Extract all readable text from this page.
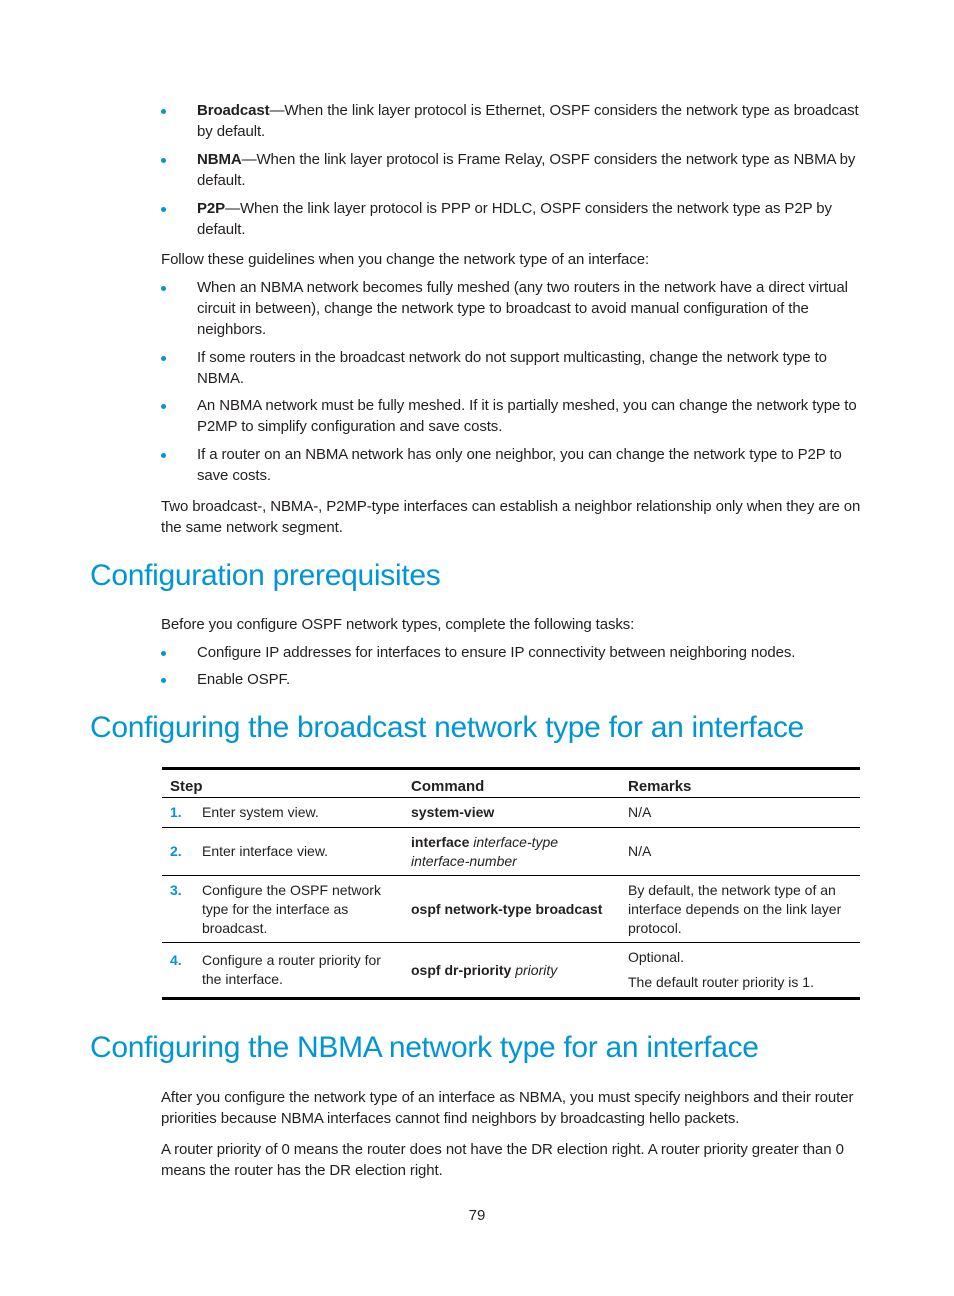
Broadcast—When the link layer protocol is Ethernet, OSPF considers the network type as broadcast by default.
NBMA—When the link layer protocol is Frame Relay, OSPF considers the network type as NBMA by default.
P2P—When the link layer protocol is PPP or HDLC, OSPF considers the network type as P2P by default.
Follow these guidelines when you change the network type of an interface:
When an NBMA network becomes fully meshed (any two routers in the network have a direct virtual circuit in between), change the network type to broadcast to avoid manual configuration of the neighbors.
If some routers in the broadcast network do not support multicasting, change the network type to NBMA.
An NBMA network must be fully meshed. If it is partially meshed, you can change the network type to P2MP to simplify configuration and save costs.
If a router on an NBMA network has only one neighbor, you can change the network type to P2P to save costs.
Two broadcast-, NBMA-, P2MP-type interfaces can establish a neighbor relationship only when they are on the same network segment.
Configuration prerequisites
Before you configure OSPF network types, complete the following tasks:
Configure IP addresses for interfaces to ensure IP connectivity between neighboring nodes.
Enable OSPF.
Configuring the broadcast network type for an interface
Step	Command	Remarks
1. Enter system view.	system-view	N/A

2. Enter interface view.	interface interface-type interface-number	N/A

3. Configure the OSPF network type for the interface as broadcast.	ospf network-type broadcast	By default, the network type of an interface depends on the link layer protocol.

4. Configure a router priority for the interface.	ospf dr-priority priority	Optional.
The default router priority is 1.
Configuring the NBMA network type for an interface
After you configure the network type of an interface as NBMA, you must specify neighbors and their router priorities because NBMA interfaces cannot find neighbors by broadcasting hello packets.
A router priority of 0 means the router does not have the DR election right. A router priority greater than 0 means the router has the DR election right.
79
